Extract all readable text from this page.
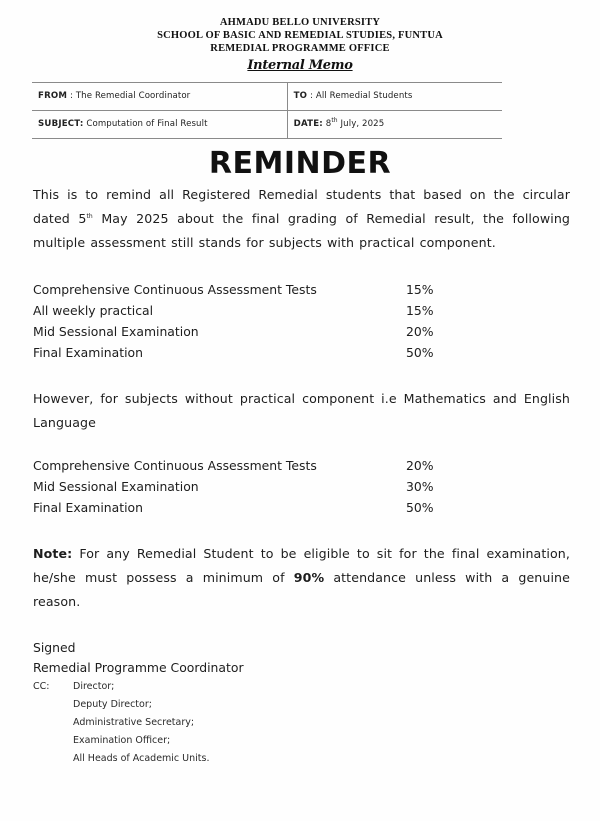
AHMADU BELLO UNIVERSITY
SCHOOL OF BASIC AND REMEDIAL STUDIES, FUNTUA
REMEDIAL PROGRAMME OFFICE
Internal Memo
FROM : The Remedial Coordinator	TO : All Remedial Students
SUBJECT: Computation of Final Result	DATE: 8th July, 2025
REMINDER

This is to remind all Registered Remedial students that based on the circular dated 5th May 2025 about the final grading of Remedial result, the following multiple assessment still stands for subjects with practical component.

Comprehensive Continuous Assessment Tests	15%
All weekly practical	15%
Mid Sessional Examination	20%
Final Examination	50%

However, for subjects without practical component i.e Mathematics and English Language

Comprehensive Continuous Assessment Tests	20%
Mid Sessional Examination	30%
Final Examination	50%

Note: For any Remedial Student to be eligible to sit for the final examination, he/she must possess a minimum of 90% attendance unless with a genuine reason.

Signed
Remedial Programme Coordinator
CC:	Director;
Deputy Director;
Administrative Secretary;
Examination Officer;
All Heads of Academic Units.
